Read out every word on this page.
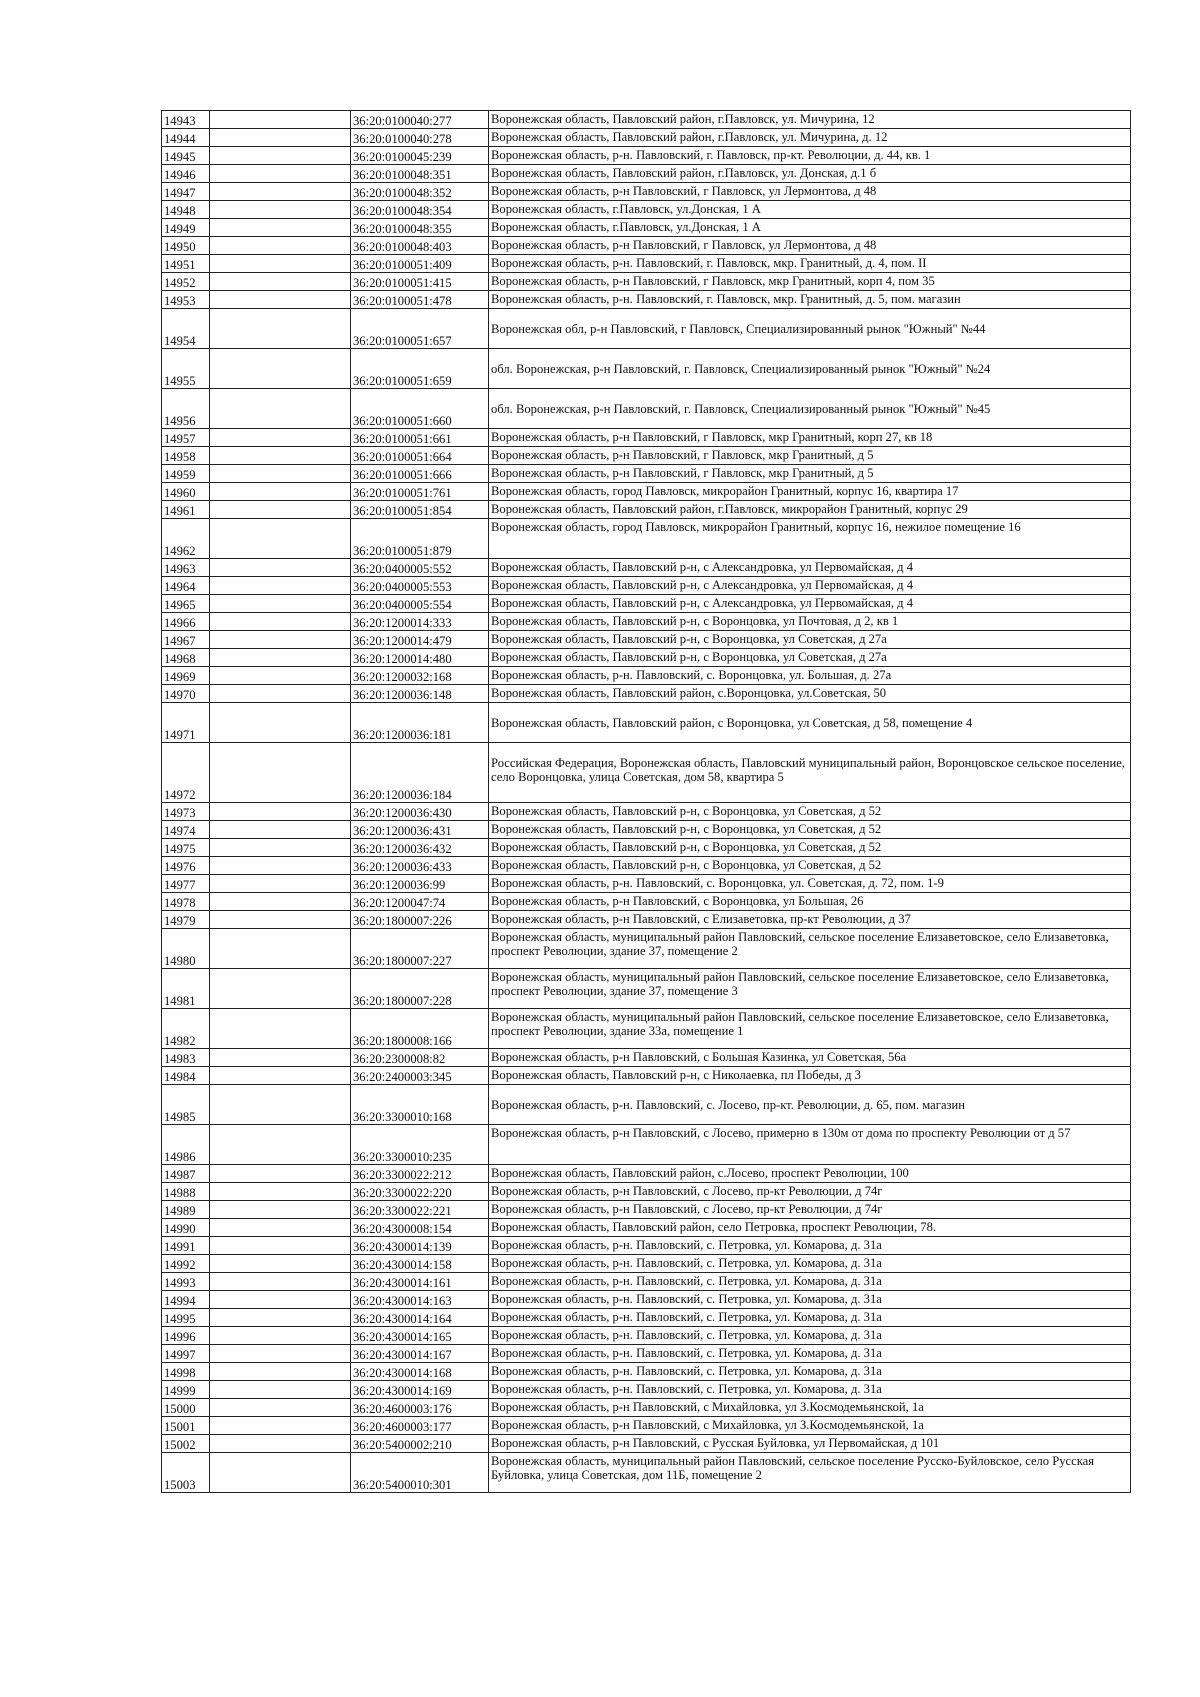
14943		36:20:0100040:277	Воронежская область, Павловский район, г.Павловск, ул. Мичурина, 12
14944		36:20:0100040:278	Воронежская область, Павловский район, г.Павловск, ул. Мичурина, д. 12
14945		36:20:0100045:239	Воронежская область, р-н. Павловский, г. Павловск, пр-кт. Революции, д. 44, кв. 1
14946		36:20:0100048:351	Воронежская область, Павловский район, г.Павловск, ул. Донская, д.1 б
14947		36:20:0100048:352	Воронежская область, р-н Павловский, г Павловск, ул Лермонтова, д 48
14948		36:20:0100048:354	Воронежская область, г.Павловск, ул.Донская, 1 А
14949		36:20:0100048:355	Воронежская область, г.Павловск, ул.Донская, 1 А
14950		36:20:0100048:403	Воронежская область, р-н Павловский, г Павловск, ул Лермонтова, д 48
14951		36:20:0100051:409	Воронежская область, р-н. Павловский, г. Павловск, мкр. Гранитный, д. 4, пом. II
14952		36:20:0100051:415	Воронежская область, р-н Павловский, г Павловск, мкр Гранитный, корп 4, пом 35
14953		36:20:0100051:478	Воронежская область, р-н. Павловский, г. Павловск, мкр. Гранитный, д. 5, пом. магазин
14954		36:20:0100051:657	Воронежская обл, р-н Павловский, г Павловск, Специализированный рынок "Южный" №44
14955		36:20:0100051:659	обл. Воронежская, р-н Павловский, г. Павловск, Специализированный рынок "Южный" №24
14956		36:20:0100051:660	обл. Воронежская, р-н Павловский, г. Павловск, Специализированный рынок "Южный" №45
14957		36:20:0100051:661	Воронежская область, р-н Павловский, г Павловск, мкр Гранитный, корп 27, кв 18
14958		36:20:0100051:664	Воронежская область, р-н Павловский, г Павловск, мкр Гранитный, д 5
14959		36:20:0100051:666	Воронежская область, р-н Павловский, г Павловск, мкр Гранитный, д 5
14960		36:20:0100051:761	Воронежская область, город Павловск, микрорайон Гранитный, корпус 16, квартира 17
14961		36:20:0100051:854	Воронежская область, Павловский район, г.Павловск, микрорайон Гранитный, корпус 29
14962		36:20:0100051:879	Воронежская область, город Павловск, микрорайон Гранитный, корпус 16, нежилое помещение 16
14963		36:20:0400005:552	Воронежская область, Павловский р-н, с Александровка, ул Первомайская, д 4
14964		36:20:0400005:553	Воронежская область, Павловский р-н, с Александровка, ул Первомайская, д 4
14965		36:20:0400005:554	Воронежская область, Павловский р-н, с Александровка, ул Первомайская, д 4
14966		36:20:1200014:333	Воронежская область, Павловский р-н, с Воронцовка, ул Почтовая, д 2, кв 1
14967		36:20:1200014:479	Воронежская область, Павловский р-н, с Воронцовка, ул Советская, д 27а
14968		36:20:1200014:480	Воронежская область, Павловский р-н, с Воронцовка, ул Советская, д 27а
14969		36:20:1200032:168	Воронежская область, р-н. Павловский, с. Воронцовка, ул. Большая, д. 27а
14970		36:20:1200036:148	Воронежская область, Павловский район, с.Воронцовка, ул.Советская, 50
14971		36:20:1200036:181	Воронежская область, Павловский район, с Воронцовка, ул Советская, д 58, помещение 4
14972		36:20:1200036:184	Российская Федерация, Воронежская область, Павловский муниципальный район, Воронцовское сельское поселение, село Воронцовка, улица Советская, дом 58, квартира 5
14973		36:20:1200036:430	Воронежская область, Павловский р-н, с Воронцовка, ул Советская, д 52
14974		36:20:1200036:431	Воронежская область, Павловский р-н, с Воронцовка, ул Советская, д 52
14975		36:20:1200036:432	Воронежская область, Павловский р-н, с Воронцовка, ул Советская, д 52
14976		36:20:1200036:433	Воронежская область, Павловский р-н, с Воронцовка, ул Советская, д 52
14977		36:20:1200036:99	Воронежская область, р-н. Павловский, с. Воронцовка, ул. Советская, д. 72, пом. 1-9
14978		36:20:1200047:74	Воронежская область, р-н Павловский, с Воронцовка, ул Большая, 26
14979		36:20:1800007:226	Воронежская область, р-н Павловский, с Елизаветовка, пр-кт Революции, д 37
14980		36:20:1800007:227	Воронежская область, муниципальный район Павловский, сельское поселение Елизаветовское, село Елизаветовка, проспект Революции, здание 37, помещение 2
14981		36:20:1800007:228	Воронежская область, муниципальный район Павловский, сельское поселение Елизаветовское, село Елизаветовка, проспект Революции, здание 37, помещение 3
14982		36:20:1800008:166	Воронежская область, муниципальный район Павловский, сельское поселение Елизаветовское, село Елизаветовка, проспект Революции, здание 33а, помещение 1
14983		36:20:2300008:82	Воронежская область, р-н Павловский, с Большая Казинка, ул Советская, 56а
14984		36:20:2400003:345	Воронежская область, Павловский р-н, с Николаевка, пл Победы, д 3
14985		36:20:3300010:168	Воронежская область, р-н. Павловский, с. Лосево, пр-кт. Революции, д. 65, пом. магазин
14986		36:20:3300010:235	Воронежская область, р-н Павловский, с Лосево, примерно в 130м от дома по проспекту Революции от д 57
14987		36:20:3300022:212	Воронежская область, Павловский район, с.Лосево, проспект Революции, 100
14988		36:20:3300022:220	Воронежская область, р-н Павловский, с Лосево, пр-кт Революции, д 74г
14989		36:20:3300022:221	Воронежская область, р-н Павловский, с Лосево, пр-кт Революции, д 74г
14990		36:20:4300008:154	Воронежская область, Павловский район, село Петровка, проспект Революции, 78.
14991		36:20:4300014:139	Воронежская область, р-н. Павловский, с. Петровка, ул. Комарова, д. 31а
14992		36:20:4300014:158	Воронежская область, р-н. Павловский, с. Петровка, ул. Комарова, д. 31а
14993		36:20:4300014:161	Воронежская область, р-н. Павловский, с. Петровка, ул. Комарова, д. 31а
14994		36:20:4300014:163	Воронежская область, р-н. Павловский, с. Петровка, ул. Комарова, д. 31а
14995		36:20:4300014:164	Воронежская область, р-н. Павловский, с. Петровка, ул. Комарова, д. 31а
14996		36:20:4300014:165	Воронежская область, р-н. Павловский, с. Петровка, ул. Комарова, д. 31а
14997		36:20:4300014:167	Воронежская область, р-н. Павловский, с. Петровка, ул. Комарова, д. 31а
14998		36:20:4300014:168	Воронежская область, р-н. Павловский, с. Петровка, ул. Комарова, д. 31а
14999		36:20:4300014:169	Воронежская область, р-н. Павловский, с. Петровка, ул. Комарова, д. 31а
15000		36:20:4600003:176	Воронежская область, р-н Павловский, с Михайловка, ул З.Космодемьянской, 1а
15001		36:20:4600003:177	Воронежская область, р-н Павловский, с Михайловка, ул З.Космодемьянской, 1а
15002		36:20:5400002:210	Воронежская область, р-н Павловский, с Русская Буйловка, ул Первомайская, д 101
15003		36:20:5400010:301	Воронежская область, муниципальный район Павловский, сельское поселение Русско-Буйловское, село Русская Буйловка, улица Советская, дом 11Б, помещение 2
